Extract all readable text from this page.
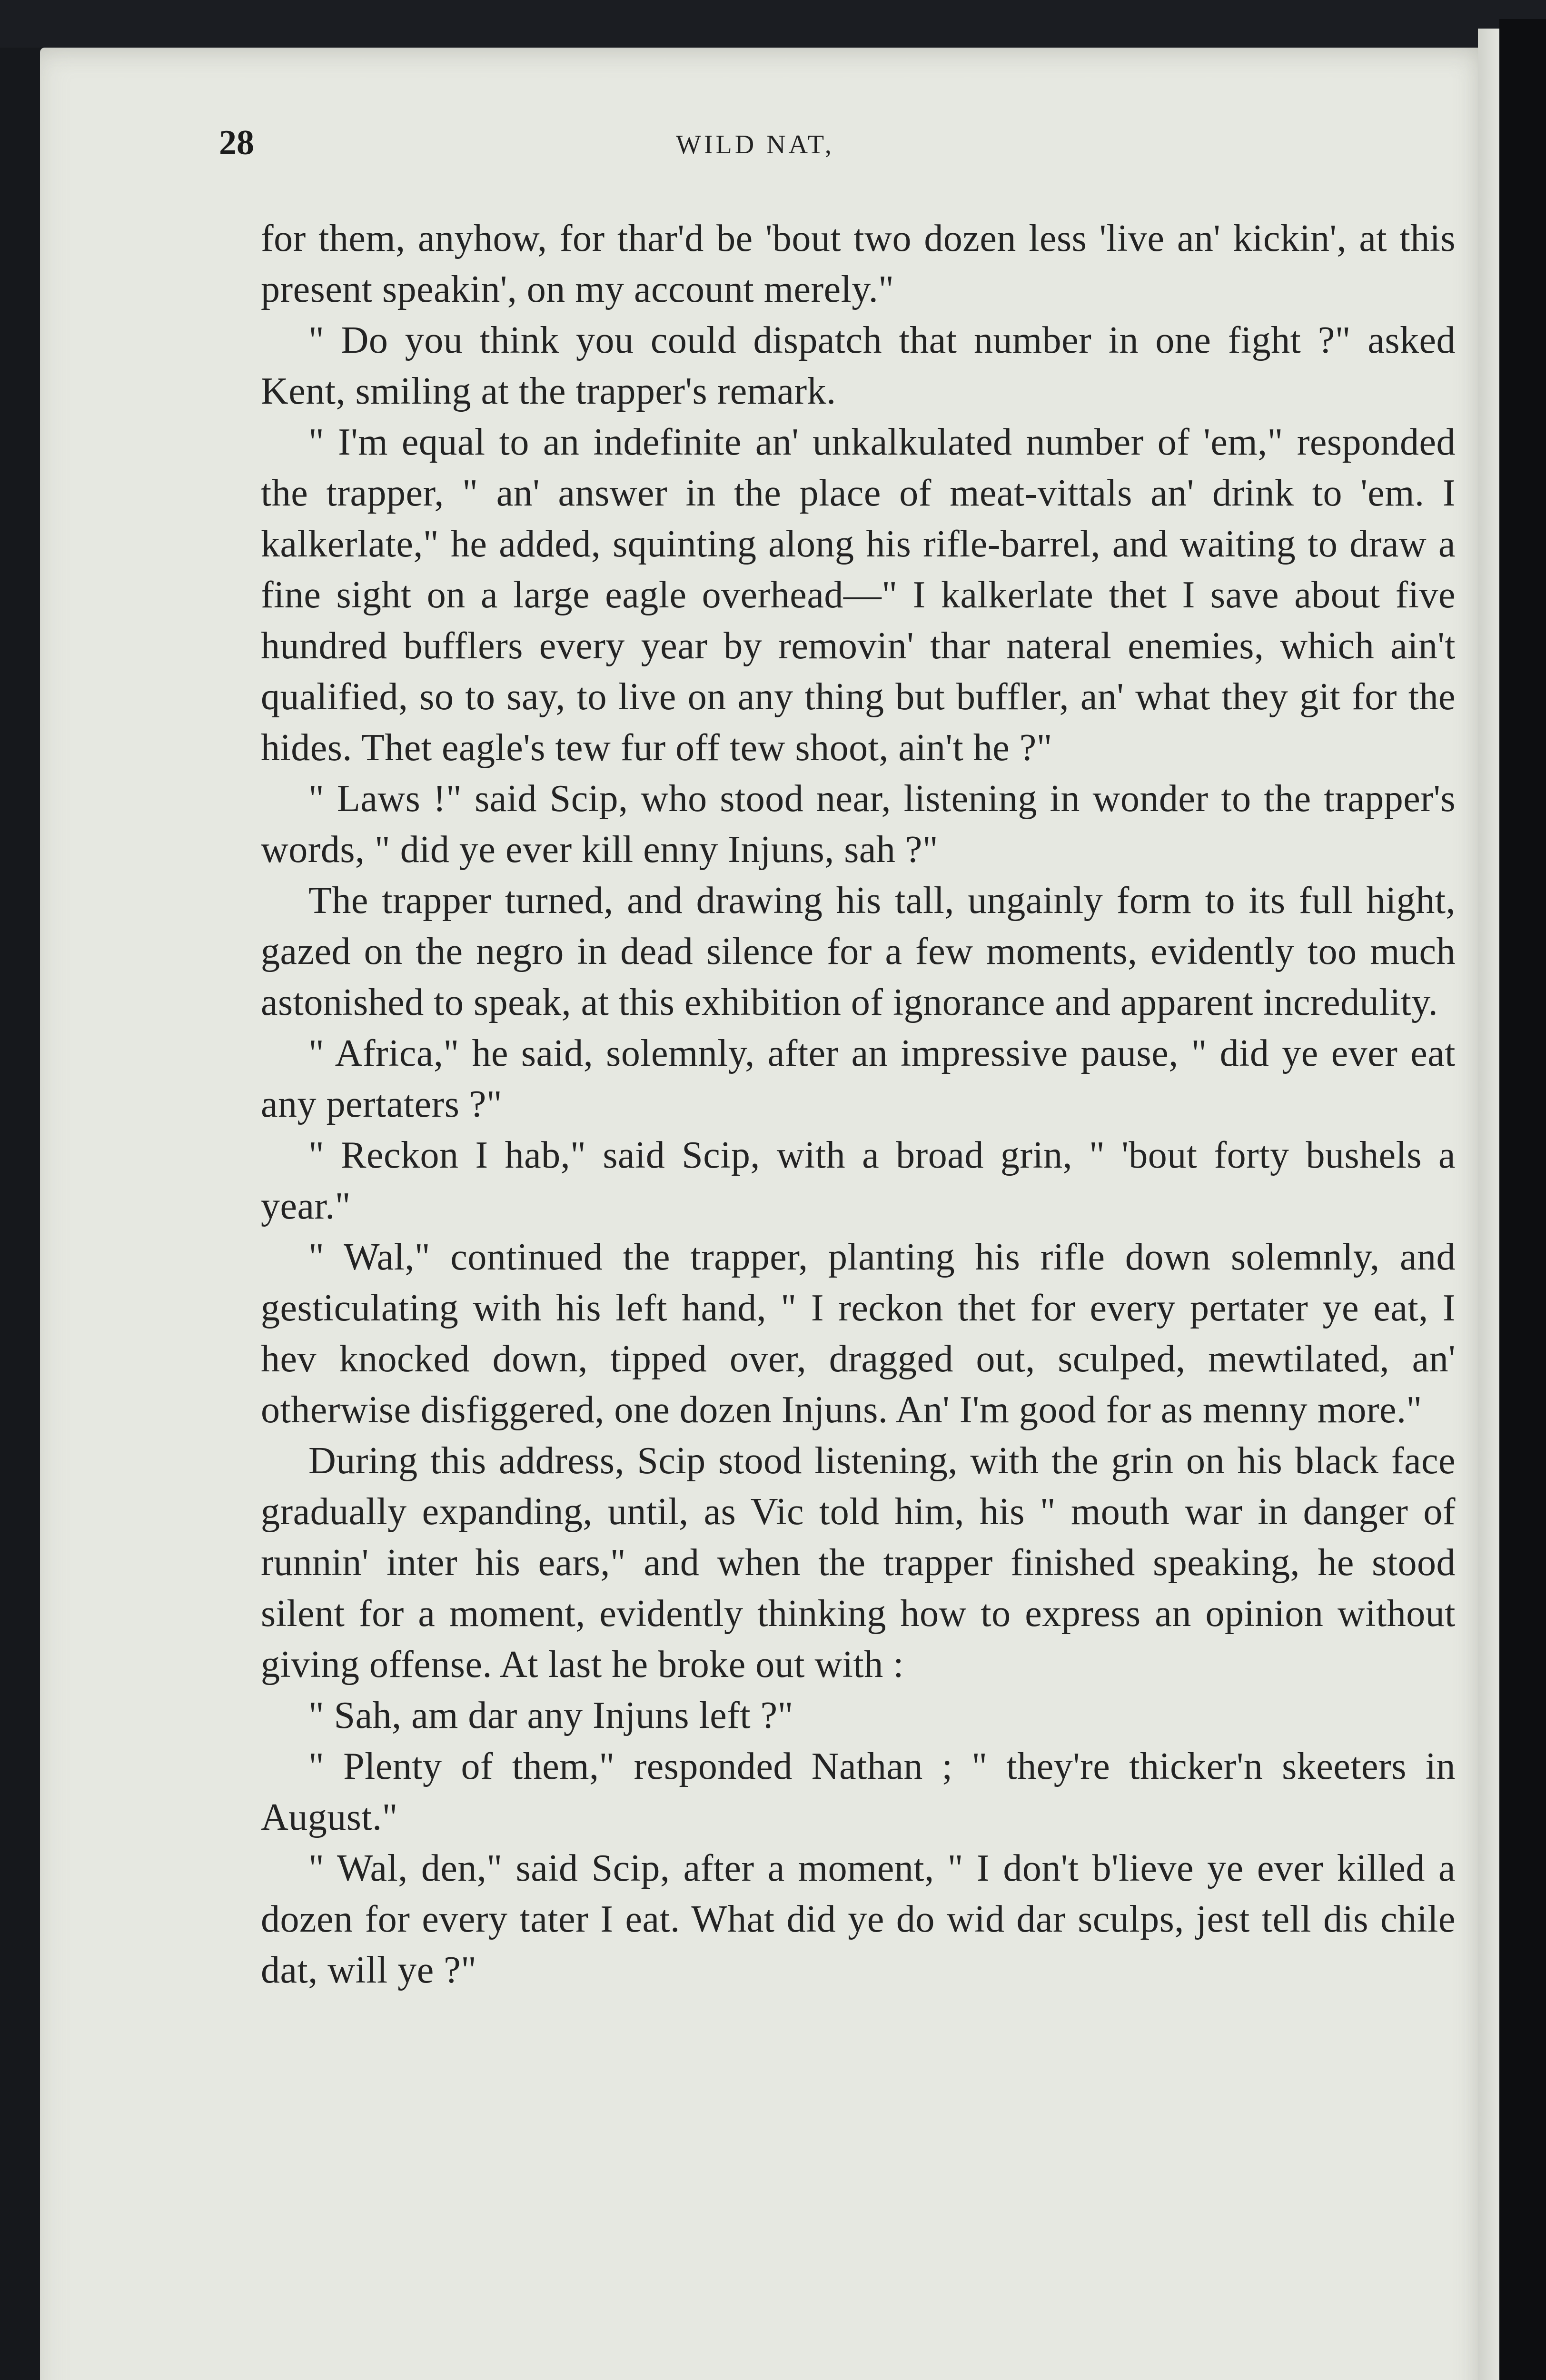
28	WILD NAT,

for them, anyhow, for thar'd be 'bout two dozen less 'live an' kickin', at this present speakin', on my account merely."

" Do you think you could dispatch that number in one fight ?" asked Kent, smiling at the trapper's remark.

" I'm equal to an indefinite an' unkalkulated number of 'em," responded the trapper, " an' answer in the place of meat-vittals an' drink to 'em. I kalkerlate," he added, squinting along his rifle-barrel, and waiting to draw a fine sight on a large eagle overhead—" I kalkerlate thet I save about five hundred bufflers every year by removin' thar nateral enemies, which ain't qualified, so to say, to live on any thing but buffler, an' what they git for the hides. Thet eagle's tew fur off tew shoot, ain't he ?"

" Laws !" said Scip, who stood near, listening in wonder to the trapper's words, " did ye ever kill enny Injuns, sah ?"

The trapper turned, and drawing his tall, ungainly form to its full hight, gazed on the negro in dead silence for a few moments, evidently too much astonished to speak, at this exhibition of ignorance and apparent incredulity.

" Africa," he said, solemnly, after an impressive pause, " did ye ever eat any pertaters ?"

" Reckon I hab," said Scip, with a broad grin, " 'bout forty bushels a year."

" Wal," continued the trapper, planting his rifle down solemnly, and gesticulating with his left hand, " I reckon thet for every pertater ye eat, I hev knocked down, tipped over, dragged out, sculped, mewtilated, an' otherwise disfiggered, one dozen Injuns. An' I'm good for as menny more."

During this address, Scip stood listening, with the grin on his black face gradually expanding, until, as Vic told him, his " mouth war in danger of runnin' inter his ears," and when the trapper finished speaking, he stood silent for a moment, evidently thinking how to express an opinion without giving offense. At last he broke out with :

" Sah, am dar any Injuns left ?"

" Plenty of them," responded Nathan ; " they're thicker'n skeeters in August."

" Wal, den," said Scip, after a moment, " I don't b'lieve ye ever killed a dozen for every tater I eat. What did ye do wid dar sculps, jest tell dis chile dat, will ye ?"
